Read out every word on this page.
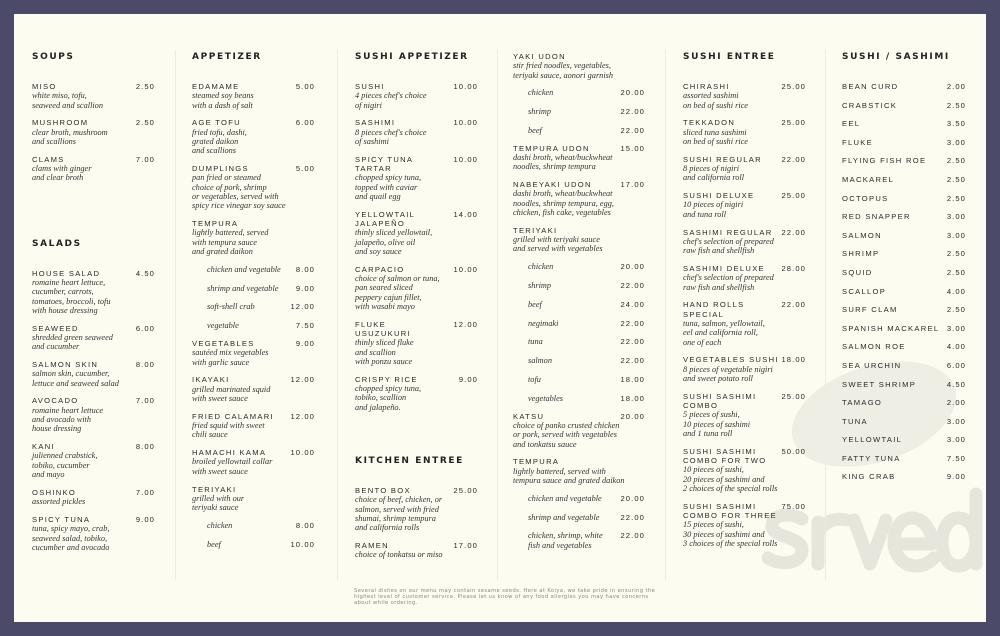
SOUPS
MISO	2.50
white miso, tofu,
seaweed and scallion
MUSHROOM	2.50
clear broth, mushroom
and scallions
CLAMS	7.00
clams with ginger
and clear broth
SALADS
HOUSE SALAD	4.50
romaine heart lettuce,
cucumber, carrots,
tomatoes, broccoli, tofu
with house dressing
SEAWEED	6.00
shredded green seaweed
and cucumber
SALMON SKIN	8.00
salmon skin, cucumber,
lettuce and seaweed salad
AVOCADO	7.00
romaine heart lettuce
and avocado with
house dressing
KANI	8.00
julienned crabstick,
tobiko, cucumber
and mayo
OSHINKO	7.00
assorted pickles
SPICY TUNA	9.00
tuna, spicy mayo, crab,
seaweed salad, tobiko,
cucumber and avocado
APPETIZER
EDAMAME	5.00
steamed soy beans
with a dash of salt
AGE TOFU	6.00
fried tofu, dashi,
grated daikon
and scallions
DUMPLINGS	5.00
pan fried or steamed
choice of pork, shrimp
or vegetables, served with
spicy rice vinegar soy sauce
TEMPURA
lightly battered, served
with tempura sauce
and grated daikon
chicken and vegetable 8.00
shrimp and vegetable 9.00
soft-shell crab	12.00
vegetable	7.50
VEGETABLES	9.00
sautéed mix vegetables
with garlic sauce
IKAYAKI	12.00
grilled marinated squid
with sweet sauce
FRIED CALAMARI 12.00
fried squid with sweet
chili sauce
HAMACHI KAMA	10.00
broiled yellowtail collar
with sweet sauce
TERIYAKI
grilled with our
teriyaki sauce
chicken	8.00
beef	10.00
SUSHI APPETIZER
SUSHI	10.00
4 pieces chef's choice
of nigiri
SASHIMI	10.00
8 pieces chef's choice
of sashimi
SPICY TUNA
TARTAR
10.00
chopped spicy tuna,
topped with caviar
and quail egg
YELLOWTAIL
JALAPEÑO
14.00
thinly sliced yellowtail,
jalapeño, olive oil
and soy sauce
CARPACIO	10.00
choice of salmon or tuna,
pan seared sliced
peppery cajun fillet,
with wasabi mayo
FLUKE
USUZUKURI
12.00
thinly sliced fluke
and scallion
with ponzu sauce
CRISPY RICE	9.00
chopped spicy tuna,
tobiko, scallion
and jalapeño.
KITCHEN ENTREE
BENTO BOX	25.00
choice of beef, chicken, or
salmon, served with fried
shumai, shrimp tempura
and california rolls
RAMEN	17.00
choice of tonkatsu or miso
YAKI UDON
stir fried noodles, vegetables,
teriyaki sauce, aonori garnish
chicken	20.00
shrimp	22.00
beef	22.00
TEMPURA UDON	15.00
dashi broth, wheat/buckwheat
noodles, shrimp tempura
NABEYAKI UDON	17.00
dashi broth, wheat/buckwheat
noodles, shrimp tempura, egg,
chicken, fish cake, vegetables
TERIYAKI
grilled with teriyaki sauce
and served with vegetables
chicken	20.00
shrimp	22.00
beef	24.00
negimaki	22.00
tuna	22.00
salmon	22.00
tofu	18.00
vegetables	18.00
KATSU	20.00
choice of panko crusted chicken
or pork, served with vegetables
and tonkatsu sauce
TEMPURA
lightly battered, served with
tempura sauce and grated daikon
chicken and vegetable 20.00
shrimp and vegetable	22.00
chicken, shrimp, white
fish and vegetables
22.00
SUSHI ENTREE
CHIRASHI	25.00
assorted sashimi
on bed of sushi rice
TEKKADON	25.00
sliced tuna sashimi
on bed of sushi rice
SUSHI REGULAR	22.00
8 pieces of nigiri
and california roll
SUSHI DELUXE	25.00
10 pieces of nigiri
and tuna roll
SASHIMI REGULAR 22.00
chef's selection of prepared
raw fish and shellfish
SASHIMI DELUXE 28.00
chef's selection of prepared
raw fish and shellfish
HAND ROLLS
SPECIAL
22.00
tuna, salmon, yellowtail,
eel and california roll,
one of each
VEGETABLES SUSHI 18.00
8 pieces of vegetable nigiri
and sweet potato roll
SUSHI SASHIMI
COMBO
25.00
5 pieces of sushi,
10 pieces of sashimi
and 1 tuna roll
SUSHI SASHIMI
COMBO FOR TWO
50.00
10 pieces of sushi,
20 pieces of sashimi and
2 choices of the special rolls
SUSHI SASHIMI
COMBO FOR THREE
75.00
15 pieces of sushi,
30 pieces of sashimi and
3 choices of the special rolls
SUSHI / SASHIMI
BEAN CURD	2.00
CRABSTICK	2.50
EEL	3.50
FLUKE	3.00
FLYING FISH ROE	2.50
MACKAREL	2.50
OCTOPUS	2.50
RED SNAPPER	3.00
SALMON	3.00
SHRIMP	2.50
SQUID	2.50
SCALLOP	4.00
SURF CLAM	2.50
SPANISH MACKAREL 3.00
SALMON ROE	4.00
SEA URCHIN	6.00
SWEET SHRIMP	4.50
TAMAGO	2.00
TUNA	3.00
YELLOWTAIL	3.00
FATTY TUNA	7.50
KING CRAB	9.00
Several dishes on our menu may contain sesame seeds. Here at Koiya, we take pride in ensuring the highest level of customer service. Please let us know of any food allergies you may have concerns about while ordering.
